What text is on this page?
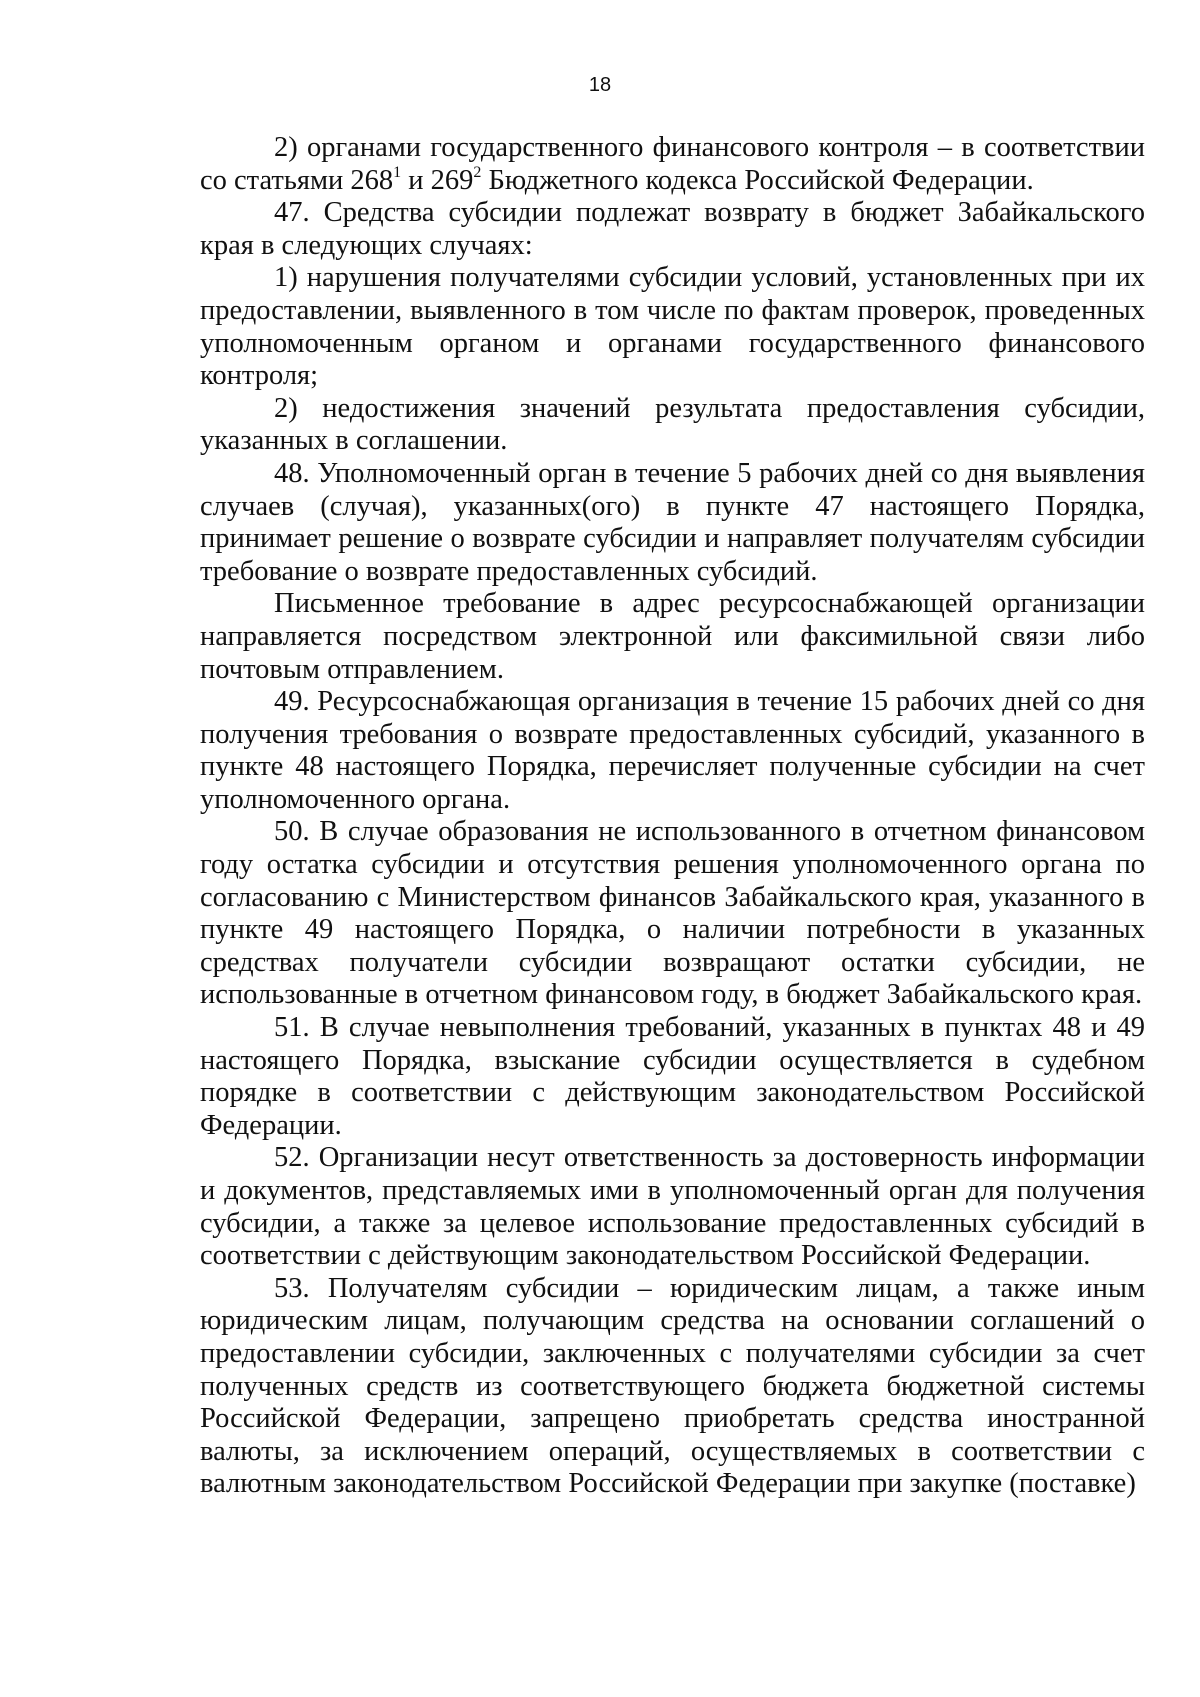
18

2) органами государственного финансового контроля – в соответствии со статьями $268^1$ и $269^2$ Бюджетного кодекса Российской Федерации.

47. Средства субсидии подлежат возврату в бюджет Забайкальского края в следующих случаях:

1) нарушения получателями субсидии условий, установленных при их предоставлении, выявленного в том числе по фактам проверок, проведенных уполномоченным органом и органами государственного финансового контроля;

2) недостижения значений результата предоставления субсидии, указанных в соглашении.

48. Уполномоченный орган в течение 5 рабочих дней со дня выявления случаев (случая), указанных(ого) в пункте 47 настоящего Порядка, принимает решение о возврате субсидии и направляет получателям субсидии требование о возврате предоставленных субсидий.

Письменное требование в адрес ресурсоснабжающей организации направляется посредством электронной или факсимильной связи либо почтовым отправлением.

49. Ресурсоснабжающая организация в течение 15 рабочих дней со дня получения требования о возврате предоставленных субсидий, указанного в пункте 48 настоящего Порядка, перечисляет полученные субсидии на счет уполномоченного органа.

50. В случае образования не использованного в отчетном финансовом году остатка субсидии и отсутствия решения уполномоченного органа по согласованию с Министерством финансов Забайкальского края, указанного в пункте 49 настоящего Порядка, о наличии потребности в указанных средствах получатели субсидии возвращают остатки субсидии, не использованные в отчетном финансовом году, в бюджет Забайкальского края.

51. В случае невыполнения требований, указанных в пунктах 48 и 49 настоящего Порядка, взыскание субсидии осуществляется в судебном порядке в соответствии с действующим законодательством Российской Федерации.

52. Организации несут ответственность за достоверность информации и документов, представляемых ими в уполномоченный орган для получения субсидии, а также за целевое использование предоставленных субсидий в соответствии с действующим законодательством Российской Федерации.

53. Получателям субсидии – юридическим лицам, а также иным юридическим лицам, получающим средства на основании соглашений о предоставлении субсидии, заключенных с получателями субсидии за счет полученных средств из соответствующего бюджета бюджетной системы Российской Федерации, запрещено приобретать средства иностранной валюты, за исключением операций, осуществляемых в соответствии с валютным законодательством Российской Федерации при закупке (поставке)
